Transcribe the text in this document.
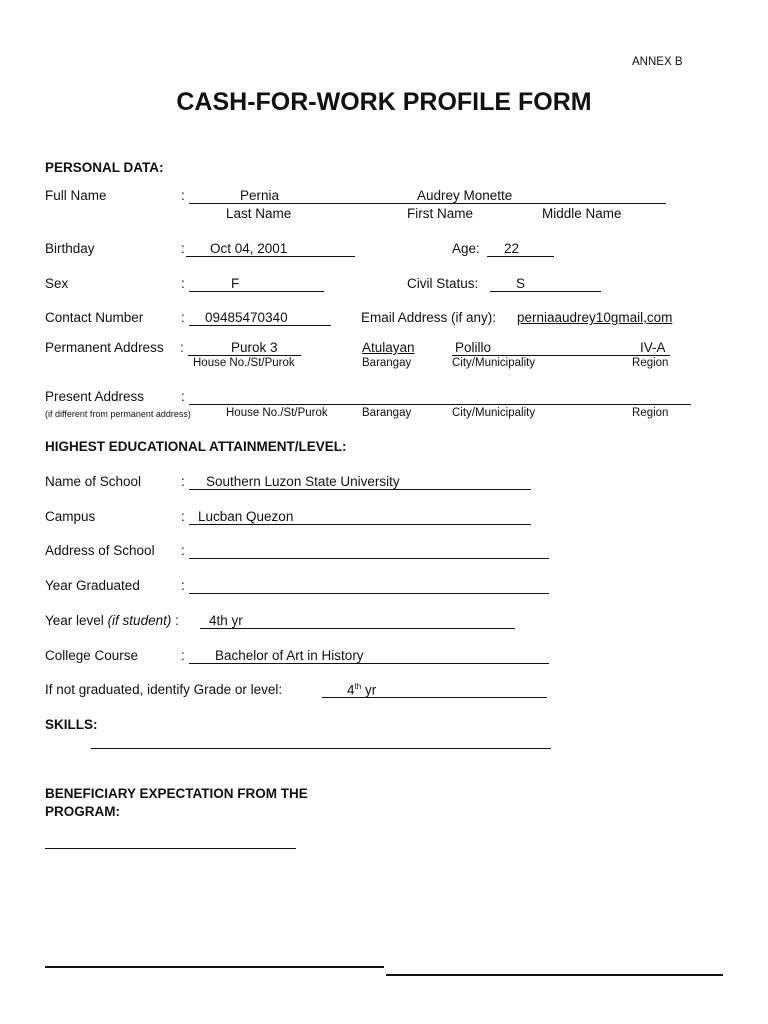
ANNEX B
CASH-FOR-WORK PROFILE FORM
PERSONAL DATA:
Full Name	:	Pernia	Audrey Monette
Last Name	First Name	Middle Name
Birthday	: Oct 04, 2001	Age: 22
Sex	:	F	Civil Status:	S
Contact Number	: 09485470340	Email Address (if any): perniaaudrey10gmail,com
Permanent Address :	Purok 3	Atulayan	Polillo	IV-A
House No./St/Purok	Barangay	City/Municipality	Region
Present Address	:
(if different from permanent address)	House No./St/Purok	Barangay	City/Municipality	Region
HIGHEST EDUCATIONAL ATTAINMENT/LEVEL:
Name of School	: Southern Luzon State University
Campus	: Lucban Quezon
Address of School :
Year Graduated	:
Year level (if student) : 4th yr
College Course	: Bachelor of Art in History
If not graduated, identify Grade or level:	4th yr
SKILLS:
BENEFICIARY EXPECTATION FROM THE
PROGRAM:
